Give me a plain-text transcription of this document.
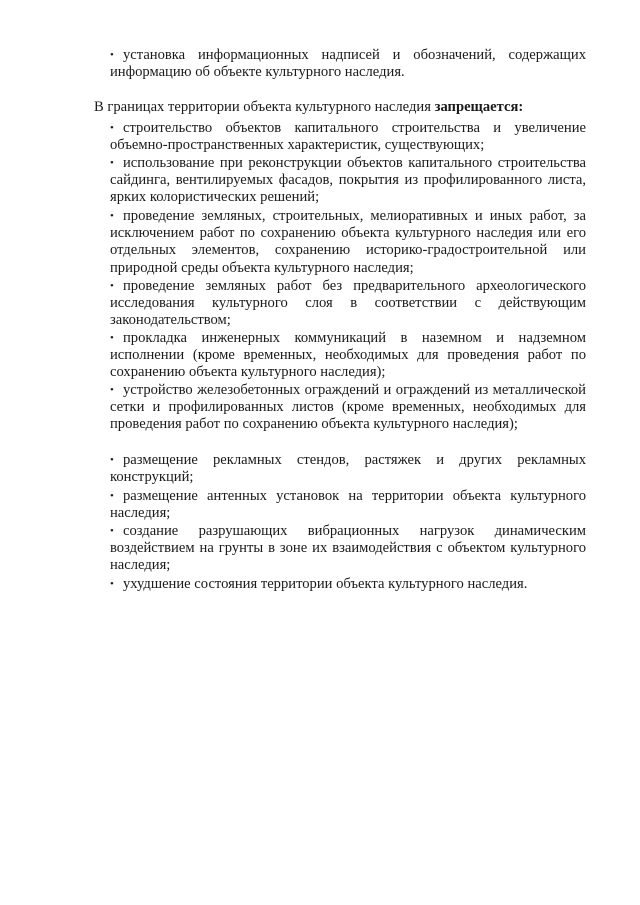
• установка информационных надписей и обозначений, содержащих информацию об объекте культурного наследия.
В границах территории объекта культурного наследия запрещается:
• строительство объектов капитального строительства и увеличение объемно-пространственных характеристик, существующих;
• использование при реконструкции объектов капитального строительства сайдинга, вентилируемых фасадов, покрытия из профилированного листа, ярких колористических решений;
• проведение земляных, строительных, мелиоративных и иных работ, за исключением работ по сохранению объекта культурного наследия или его отдельных элементов, сохранению историко-градостроительной или природной среды объекта культурного наследия;
• проведение земляных работ без предварительного археологического исследования культурного слоя в соответствии с действующим законодательством;
• прокладка инженерных коммуникаций в наземном и надземном исполнении (кроме временных, необходимых для проведения работ по сохранению объекта культурного наследия);
• устройство железобетонных ограждений и ограждений из металлической сетки и профилированных листов (кроме временных, необходимых для проведения работ по сохранению объекта культурного наследия);
• размещение рекламных стендов, растяжек и других рекламных конструкций;
• размещение антенных установок на территории объекта культурного наследия;
• создание разрушающих вибрационных нагрузок динамическим воздействием на грунты в зоне их взаимодействия с объектом культурного наследия;
• ухудшение состояния территории объекта культурного наследия.
